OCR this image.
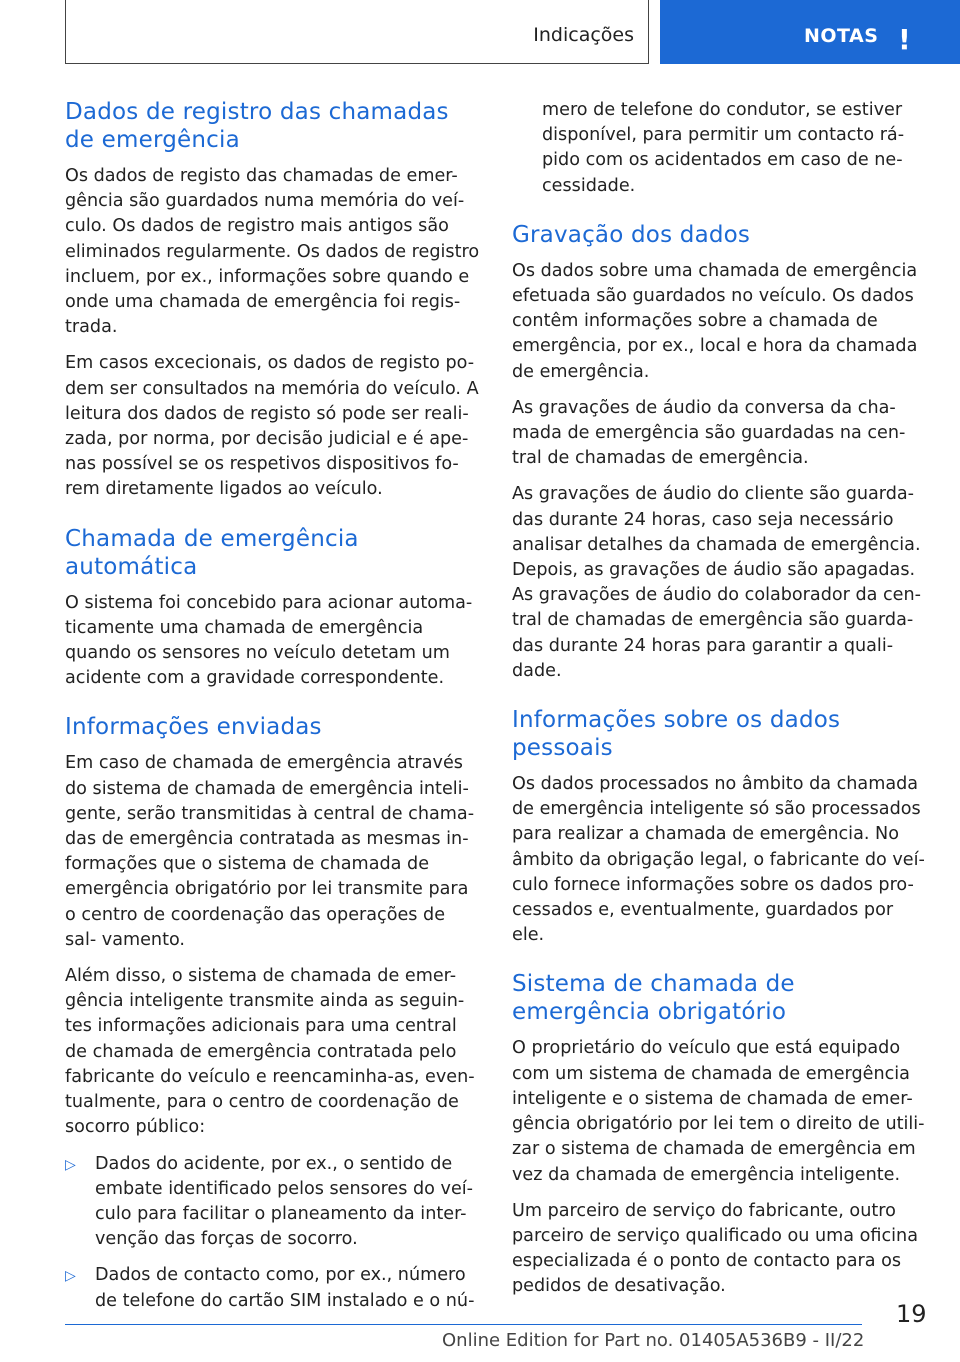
Indicações	NOTAS !
Dados de registro das chamadas de emergência

Os dados de registo das chamadas de emer- gência são guardados numa memória do veí- culo. Os dados de registro mais antigos são eliminados regularmente. Os dados de registro incluem, por ex., informações sobre quando e onde uma chamada de emergência foi regis- trada.

Em casos excecionais, os dados de registo po- dem ser consultados na memória do veículo. A leitura dos dados de registo só pode ser reali- zada, por norma, por decisão judicial e é ape- nas possível se os respetivos dispositivos fo- rem diretamente ligados ao veículo.

Chamada de emergência automática

O sistema foi concebido para acionar automa- ticamente uma chamada de emergência quando os sensores no veículo detetam um acidente com a gravidade correspondente.

Informações enviadas

Em caso de chamada de emergência através do sistema de chamada de emergência inteli- gente, serão transmitidas à central de chama- das de emergência contratada as mesmas in- formações que o sistema de chamada de emergência obrigatório por lei transmite para o centro de coordenação das operações de sal- vamento.

Além disso, o sistema de chamada de emer- gência inteligente transmite ainda as seguin- tes informações adicionais para uma central de chamada de emergência contratada pelo fabricante do veículo e reencaminha-as, even- tualmente, para o centro de coordenação de socorro público:

▷ Dados do acidente, por ex., o sentido de embate identificado pelos sensores do veí- culo para facilitar o planeamento da inter- venção das forças de socorro.
▷ Dados de contacto como, por ex., número de telefone do cartão SIM instalado e o nú-

mero de telefone do condutor, se estiver disponível, para permitir um contacto rá- pido com os acidentados em caso de ne- cessidade.

Gravação dos dados

Os dados sobre uma chamada de emergência efetuada são guardados no veículo. Os dados contêm informações sobre a chamada de emergência, por ex., local e hora da chamada de emergência.

As gravações de áudio da conversa da cha- mada de emergência são guardadas na cen- tral de chamadas de emergência.

As gravações de áudio do cliente são guarda- das durante 24 horas, caso seja necessário analisar detalhes da chamada de emergência. Depois, as gravações de áudio são apagadas. As gravações de áudio do colaborador da cen- tral de chamadas de emergência são guarda- das durante 24 horas para garantir a quali- dade.

Informações sobre os dados pessoais

Os dados processados no âmbito da chamada de emergência inteligente só são processados para realizar a chamada de emergência. No âmbito da obrigação legal, o fabricante do veí- culo fornece informações sobre os dados pro- cessados e, eventualmente, guardados por ele.

Sistema de chamada de emergência obrigatório

O proprietário do veículo que está equipado com um sistema de chamada de emergência inteligente e o sistema de chamada de emer- gência obrigatório por lei tem o direito de utili- zar o sistema de chamada de emergência em vez da chamada de emergência inteligente.

Um parceiro de serviço do fabricante, outro parceiro de serviço qualificado ou uma oficina especializada é o ponto de contacto para os pedidos de desativação.

19
Online Edition for Part no. 01405A536B9 - II/22
